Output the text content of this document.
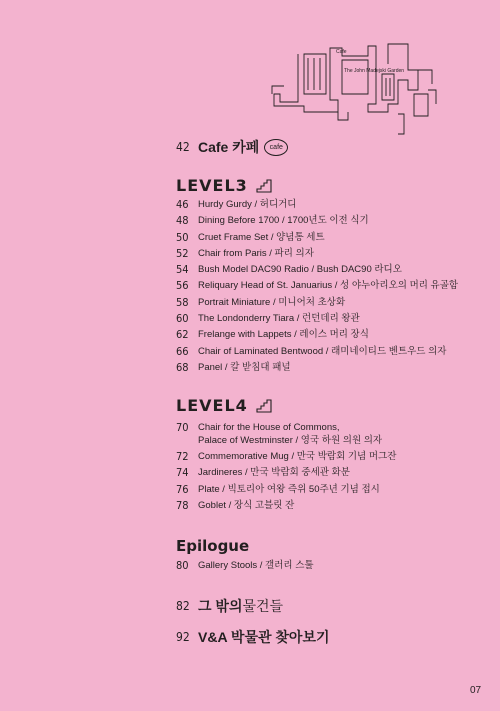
Cafe
The John Madejski Garden
42 Cafe 카페	cafe
LEVEL3
46 Hurdy Gurdy / 허디거디
48 Dining Before 1700 / 1700년도 이전 식기
50 Cruet Frame Set / 양념통 세트
52 Chair from Paris / 파리 의자
54 Bush Model DAC90 Radio / Bush DAC90 라디오
56 Reliquary Head of St. Januarius / 성 야누아리오의 머리 유골함
58 Portrait Miniature / 미니어처 초상화
60 The Londonderry Tiara / 런던데리 왕관
62 Frelange with Lappets / 레이스 머리 장식
66 Chair of Laminated Bentwood / 래미네이티드 벤트우드 의자
68 Panel / 칼 받침대 패널
LEVEL4
70 Chair for the House of Commons,
Palace of Westminster / 영국 하원 의원 의자
72 Commemorative Mug / 만국 박람회 기념 머그잔
74 Jardineres / 만국 박람회 중세관 화분
76 Plate / 빅토리아 여왕 즉위 50주년 기념 접시
78 Goblet / 장식 고블릿 잔
Epilogue
80 Gallery Stools / 갤러리 스툴
82 그 밖의물건들
92 V&A 박물관 찾아보기
07
